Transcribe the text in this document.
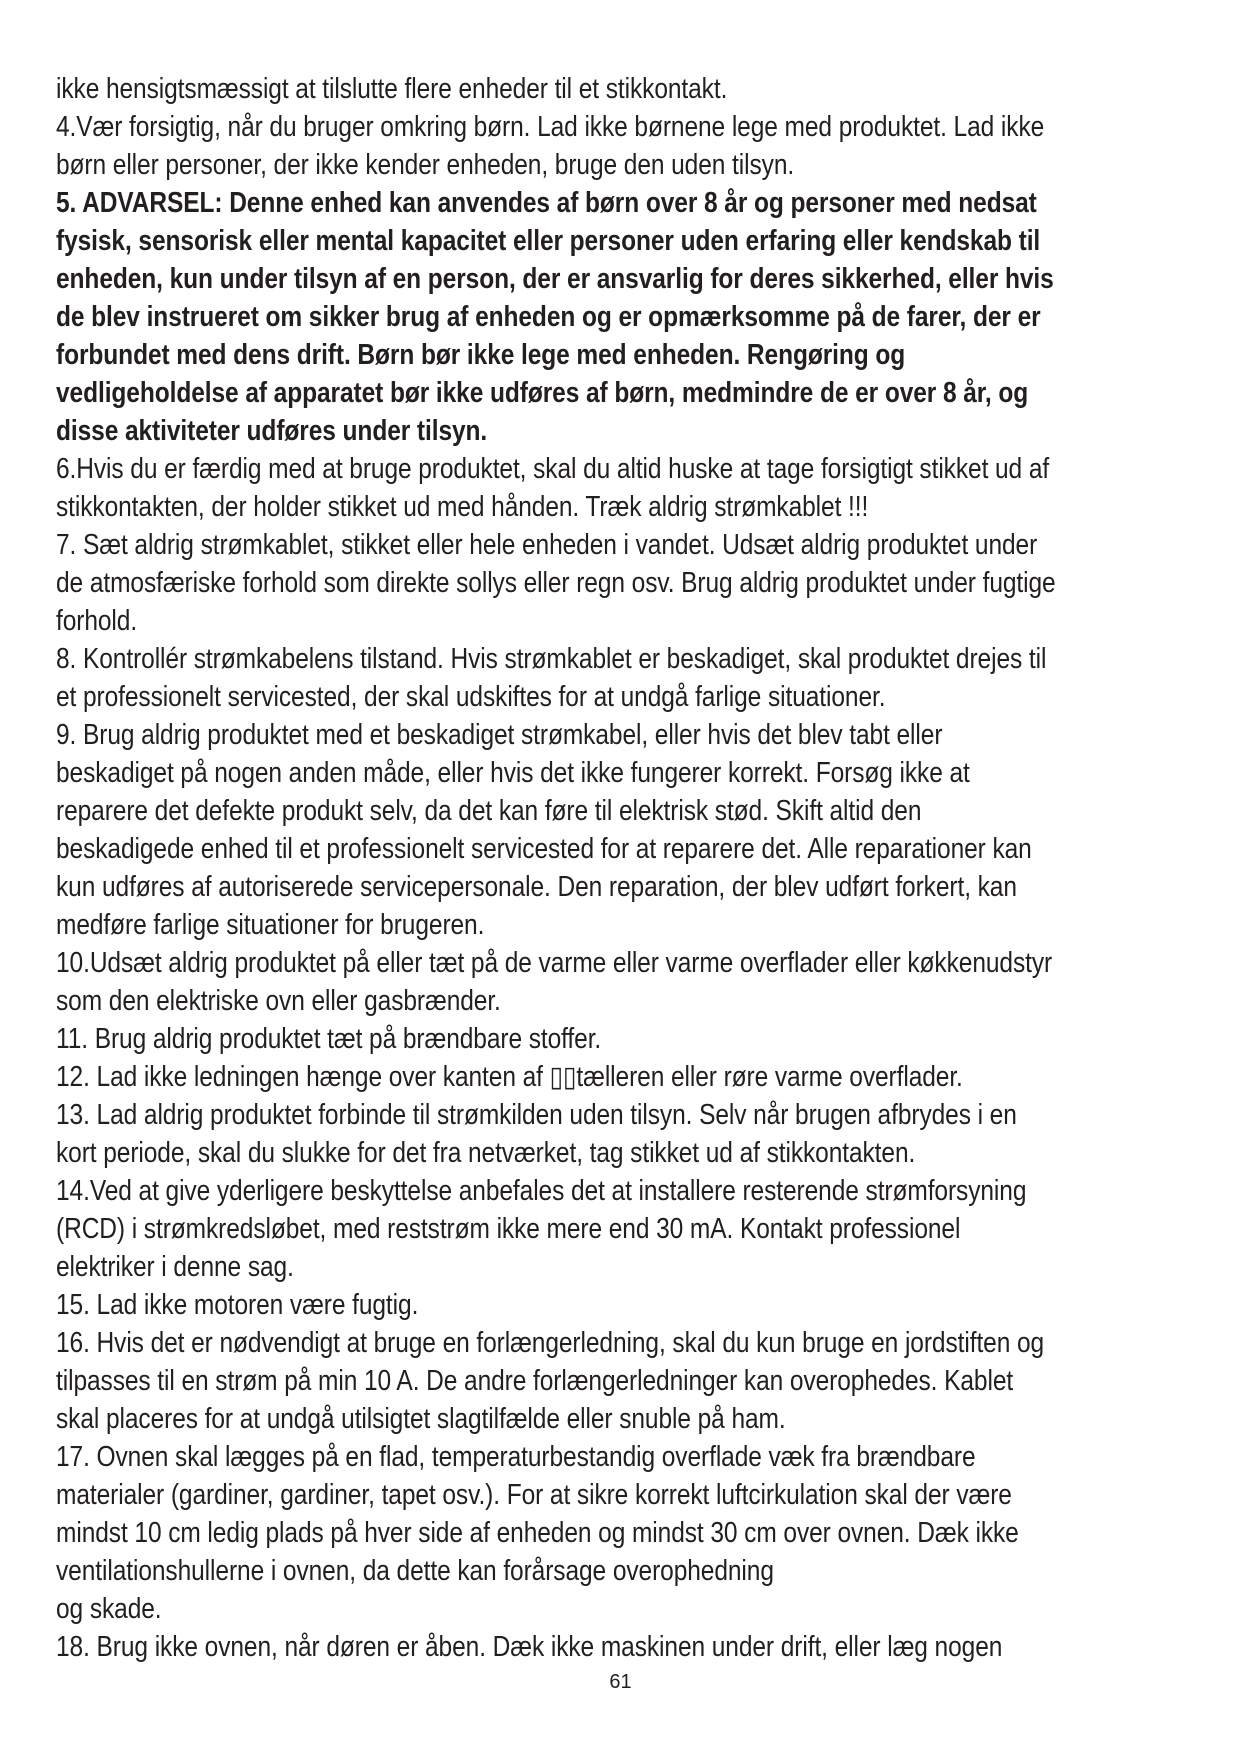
ikke hensigtsmæssigt at tilslutte flere enheder til et stikkontakt.
4.Vær forsigtig, når du bruger omkring børn. Lad ikke børnene lege med produktet. Lad ikke
børn eller personer, der ikke kender enheden, bruge den uden tilsyn.
5. ADVARSEL: Denne enhed kan anvendes af børn over 8 år og personer med nedsat
fysisk, sensorisk eller mental kapacitet eller personer uden erfaring eller kendskab til
enheden, kun under tilsyn af en person, der er ansvarlig for deres sikkerhed, eller hvis
de blev instrueret om sikker brug af enheden og er opmærksomme på de farer, der er
forbundet med dens drift. Børn bør ikke lege med enheden. Rengøring og
vedligeholdelse af apparatet bør ikke udføres af børn, medmindre de er over 8 år, og
disse aktiviteter udføres under tilsyn.
6.Hvis du er færdig med at bruge produktet, skal du altid huske at tage forsigtigt stikket ud af
stikkontakten, der holder stikket ud med hånden. Træk aldrig strømkablet !!!
7. Sæt aldrig strømkablet, stikket eller hele enheden i vandet. Udsæt aldrig produktet under
de atmosfæriske forhold som direkte sollys eller regn osv. Brug aldrig produktet under fugtige
forhold.
8. Kontrollér strømkabelens tilstand. Hvis strømkablet er beskadiget, skal produktet drejes til
et professionelt servicested, der skal udskiftes for at undgå farlige situationer.
9. Brug aldrig produktet med et beskadiget strømkabel, eller hvis det blev tabt eller
beskadiget på nogen anden måde, eller hvis det ikke fungerer korrekt. Forsøg ikke at
reparere det defekte produkt selv, da det kan føre til elektrisk stød. Skift altid den
beskadigede enhed til et professionelt servicested for at reparere det. Alle reparationer kan
kun udføres af autoriserede servicepersonale. Den reparation, der blev udført forkert, kan
medføre farlige situationer for brugeren.
10.Udsæt aldrig produktet på eller tæt på de varme eller varme overflader eller køkkenudstyr
som den elektriske ovn eller gasbrænder.
11. Brug aldrig produktet tæt på brændbare stoffer.
12. Lad ikke ledningen hænge over kanten af ▯▯tælleren eller røre varme overflader.
13. Lad aldrig produktet forbinde til strømkilden uden tilsyn. Selv når brugen afbrydes i en
kort periode, skal du slukke for det fra netværket, tag stikket ud af stikkontakten.
14.Ved at give yderligere beskyttelse anbefales det at installere resterende strømforsyning
(RCD) i strømkredsløbet, med reststrøm ikke mere end 30 mA. Kontakt professionel
elektriker i denne sag.
15. Lad ikke motoren være fugtig.
16. Hvis det er nødvendigt at bruge en forlængerledning, skal du kun bruge en jordstiften og
tilpasses til en strøm på min 10 A. De andre forlængerledninger kan overophedes. Kablet
skal placeres for at undgå utilsigtet slagtilfælde eller snuble på ham.
17. Ovnen skal lægges på en flad, temperaturbestandig overflade væk fra brændbare
materialer (gardiner, gardiner, tapet osv.). For at sikre korrekt luftcirkulation skal der være
mindst 10 cm ledig plads på hver side af enheden og mindst 30 cm over ovnen. Dæk ikke
ventilationshullerne i ovnen, da dette kan forårsage overophedning
og skade.
18. Brug ikke ovnen, når døren er åben. Dæk ikke maskinen under drift, eller læg nogen
61
